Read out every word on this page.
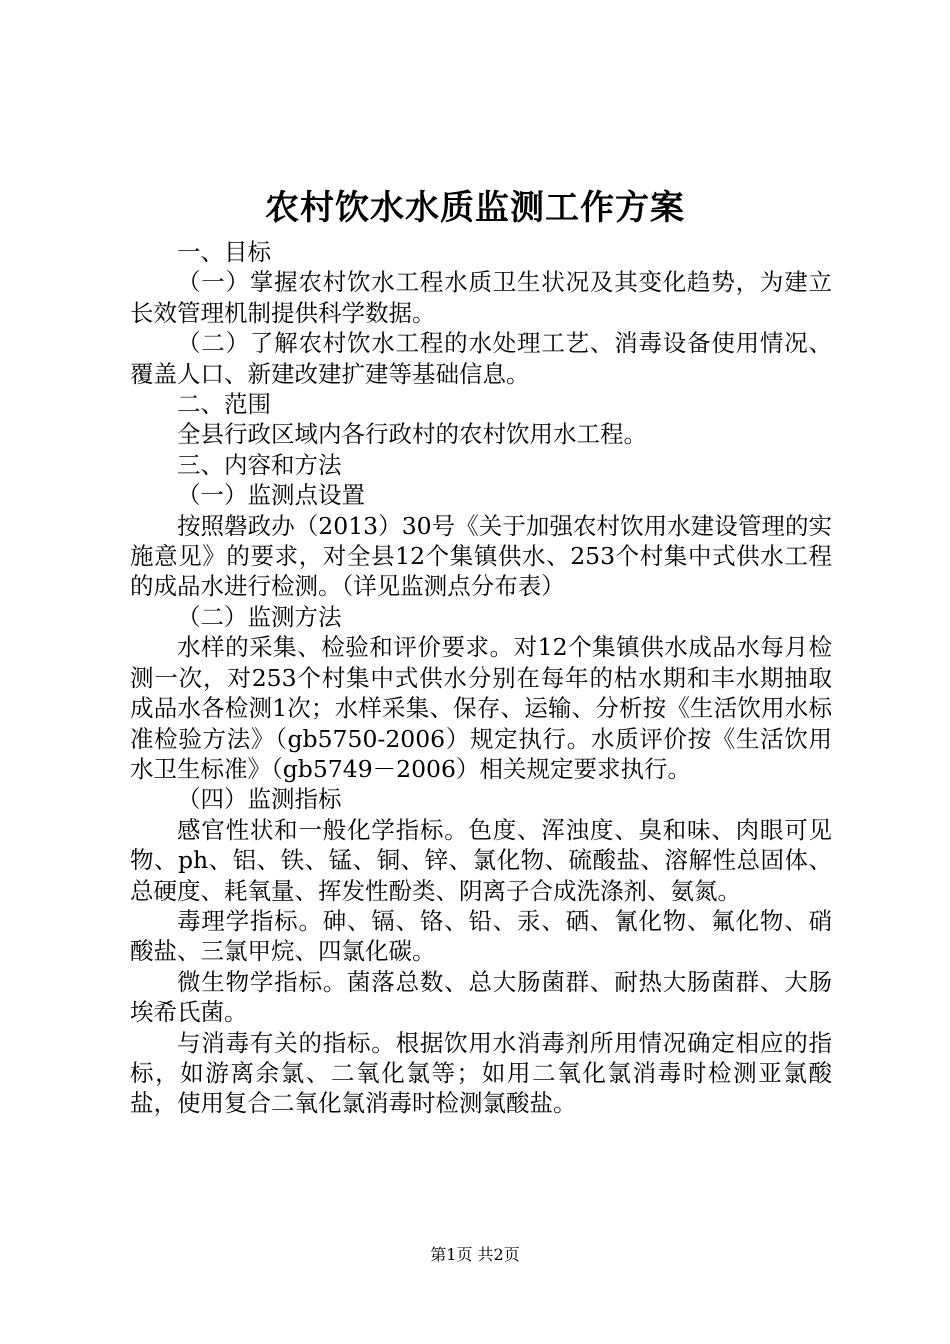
农村饮水水质监测工作方案

一、目标

（一）掌握农村饮水工程水质卫生状况及其变化趋势，为建立长效管理机制提供科学数据。

（二）了解农村饮水工程的水处理工艺、消毒设备使用情况、覆盖人口、新建改建扩建等基础信息。

二、范围

全县行政区域内各行政村的农村饮用水工程。

三、内容和方法

（一）监测点设置

按照磐政办（2013）30号《关于加强农村饮用水建设管理的实施意见》的要求，对全县12个集镇供水、253个村集中式供水工程的成品水进行检测。（详见监测点分布表）

（二）监测方法

水样的采集、检验和评价要求。对12个集镇供水成品水每月检测一次，对253个村集中式供水分别在每年的枯水期和丰水期抽取成品水各检测1次；水样采集、保存、运输、分析按《生活饮用水标准检验方法》（gb5750-2006）规定执行。水质评价按《生活饮用水卫生标准》（gb5749－2006）相关规定要求执行。

（四）监测指标

感官性状和一般化学指标。色度、浑浊度、臭和味、肉眼可见物、ph、铝、铁、锰、铜、锌、氯化物、硫酸盐、溶解性总固体、总硬度、耗氧量、挥发性酚类、阴离子合成洗涤剂、氨氮。

毒理学指标。砷、镉、铬、铅、汞、硒、氰化物、氟化物、硝酸盐、三氯甲烷、四氯化碳。

微生物学指标。菌落总数、总大肠菌群、耐热大肠菌群、大肠埃希氏菌。

与消毒有关的指标。根据饮用水消毒剂所用情况确定相应的指标，如游离余氯、二氧化氯等；如用二氧化氯消毒时检测亚氯酸盐，使用复合二氧化氯消毒时检测氯酸盐。

第1页 共2页
